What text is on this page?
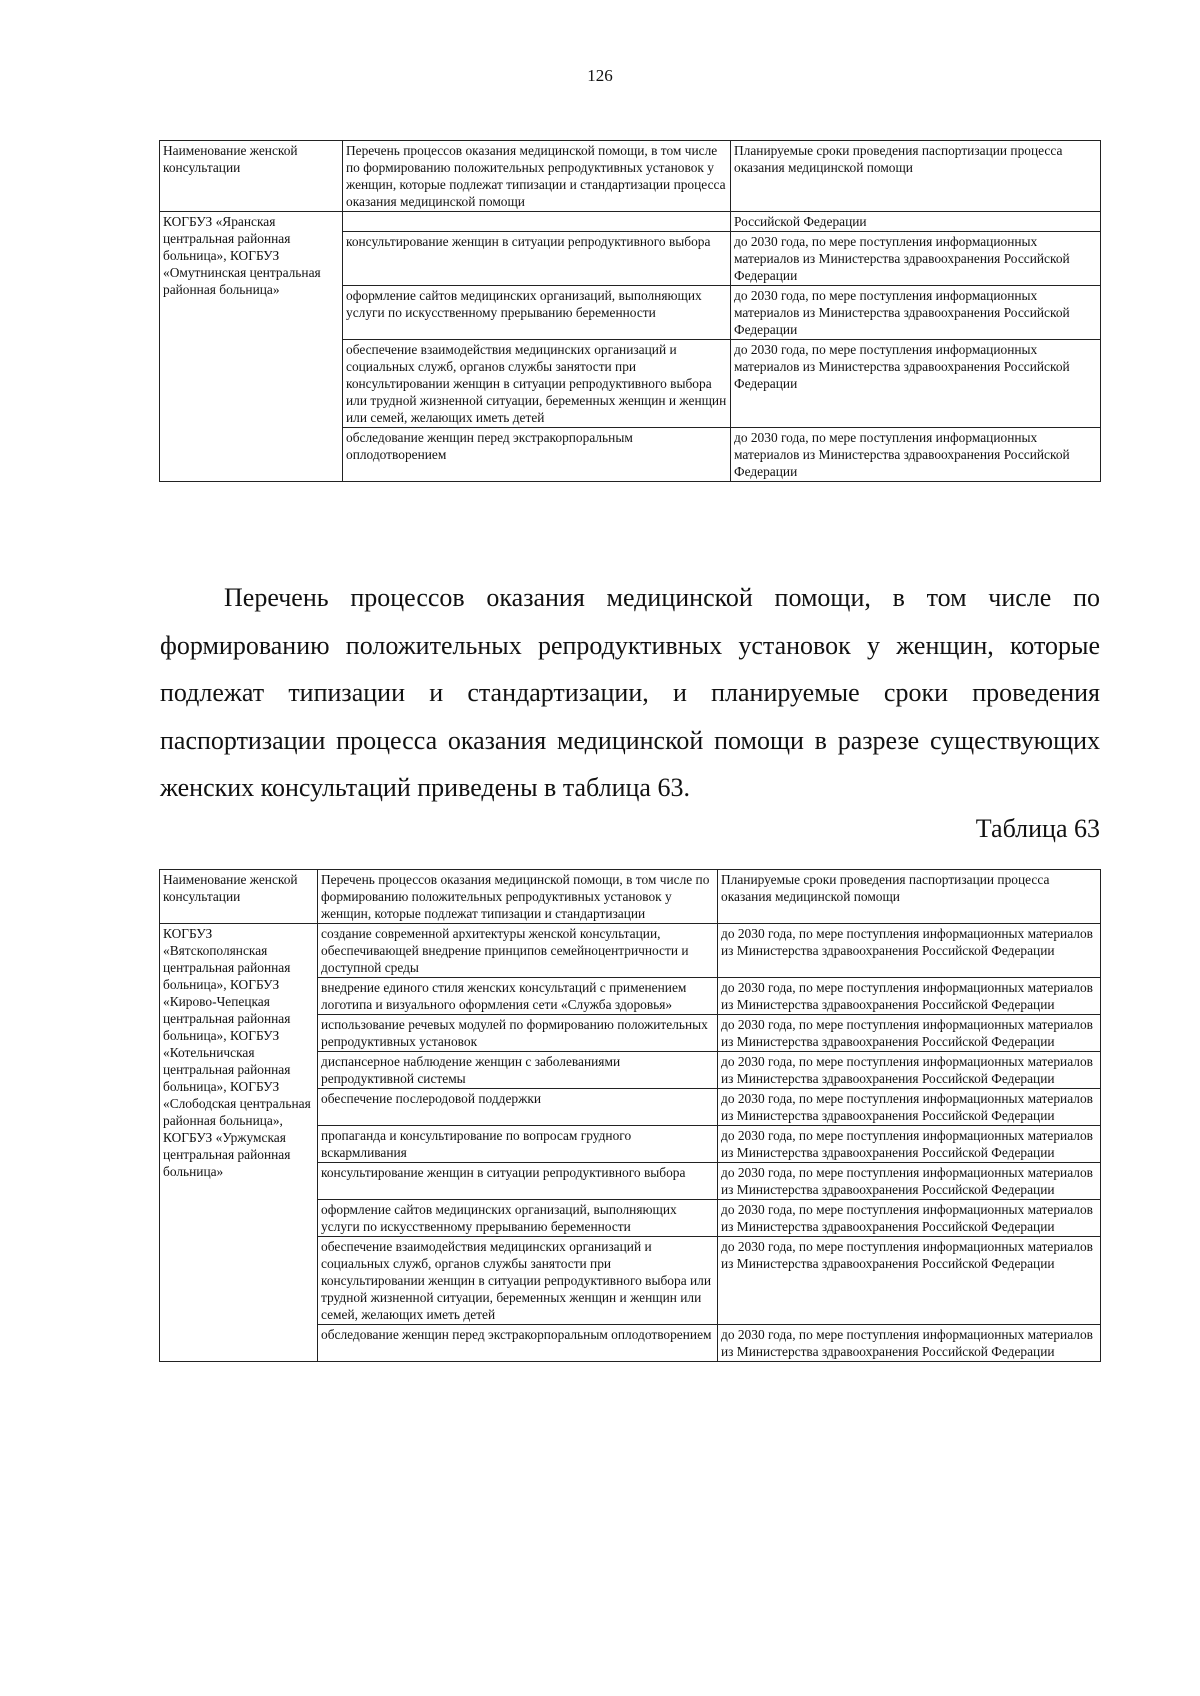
126
Наименование женской консультации	Перечень процессов оказания медицинской помощи, в том числе по формированию положительных репродуктивных установок у женщин, которые подлежат типизации и стандартизации процесса оказания медицинской помощи	Планируемые сроки проведения паспортизации процесса оказания медицинской помощи
КОГБУЗ «Яранская центральная районная больница», КОГБУЗ «Омутнинская центральная районная больница»		Российской Федерации
	консультирование женщин в ситуации репродуктивного выбора	до 2030 года, по мере поступления информационных материалов из Министерства здравоохранения Российской Федерации
	оформление сайтов медицинских организаций, выполняющих услуги по искусственному прерыванию беременности	до 2030 года, по мере поступления информационных материалов из Министерства здравоохранения Российской Федерации
	обеспечение взаимодействия медицинских организаций и социальных служб, органов службы занятости при консультировании женщин в ситуации репродуктивного выбора или трудной жизненной ситуации, беременных женщин и женщин или семей, желающих иметь детей	до 2030 года, по мере поступления информационных материалов из Министерства здравоохранения Российской Федерации
	обследование женщин перед экстракорпоральным оплодотворением	до 2030 года, по мере поступления информационных материалов из Министерства здравоохранения Российской Федерации
Перечень процессов оказания медицинской помощи, в том числе по формированию положительных репродуктивных установок у женщин, которые подлежат типизации и стандартизации, и планируемые сроки проведения паспортизации процесса оказания медицинской помощи в разрезе существующих женских консультаций приведены в таблица 63.
Таблица 63
Наименование женской консультации	Перечень процессов оказания медицинской помощи, в том числе по формированию положительных репродуктивных установок у женщин, которые подлежат типизации и стандартизации	Планируемые сроки проведения паспортизации процесса оказания медицинской помощи
КОГБУЗ «Вятскополянская центральная районная больница», КОГБУЗ «Кирово-Чепецкая центральная районная больница», КОГБУЗ «Котельничская центральная районная больница», КОГБУЗ «Слободская центральная районная больница», КОГБУЗ «Уржумская центральная районная больница»	создание современной архитектуры женской консультации, обеспечивающей внедрение принципов семейноцентричности и доступной среды	до 2030 года, по мере поступления информационных материалов из Министерства здравоохранения Российской Федерации
	внедрение единого стиля женских консультаций с применением логотипа и визуального оформления сети «Служба здоровья»	до 2030 года, по мере поступления информационных материалов из Министерства здравоохранения Российской Федерации
	использование речевых модулей по формированию положительных репродуктивных установок	до 2030 года, по мере поступления информационных материалов из Министерства здравоохранения Российской Федерации
	диспансерное наблюдение женщин с заболеваниями репродуктивной системы	до 2030 года, по мере поступления информационных материалов из Министерства здравоохранения Российской Федерации
	обеспечение послеродовой поддержки	до 2030 года, по мере поступления информационных материалов из Министерства здравоохранения Российской Федерации
	пропаганда и консультирование по вопросам грудного вскармливания	до 2030 года, по мере поступления информационных материалов из Министерства здравоохранения Российской Федерации
	консультирование женщин в ситуации репродуктивного выбора	до 2030 года, по мере поступления информационных материалов из Министерства здравоохранения Российской Федерации
	оформление сайтов медицинских организаций, выполняющих услуги по искусственному прерыванию беременности	до 2030 года, по мере поступления информационных материалов из Министерства здравоохранения Российской Федерации
	обеспечение взаимодействия медицинских организаций и социальных служб, органов службы занятости при консультировании женщин в ситуации репродуктивного выбора или трудной жизненной ситуации, беременных женщин и женщин или семей, желающих иметь детей	до 2030 года, по мере поступления информационных материалов из Министерства здравоохранения Российской Федерации
	обследование женщин перед экстракорпоральным оплодотворением	до 2030 года, по мере поступления информационных материалов из Министерства здравоохранения Российской Федерации
